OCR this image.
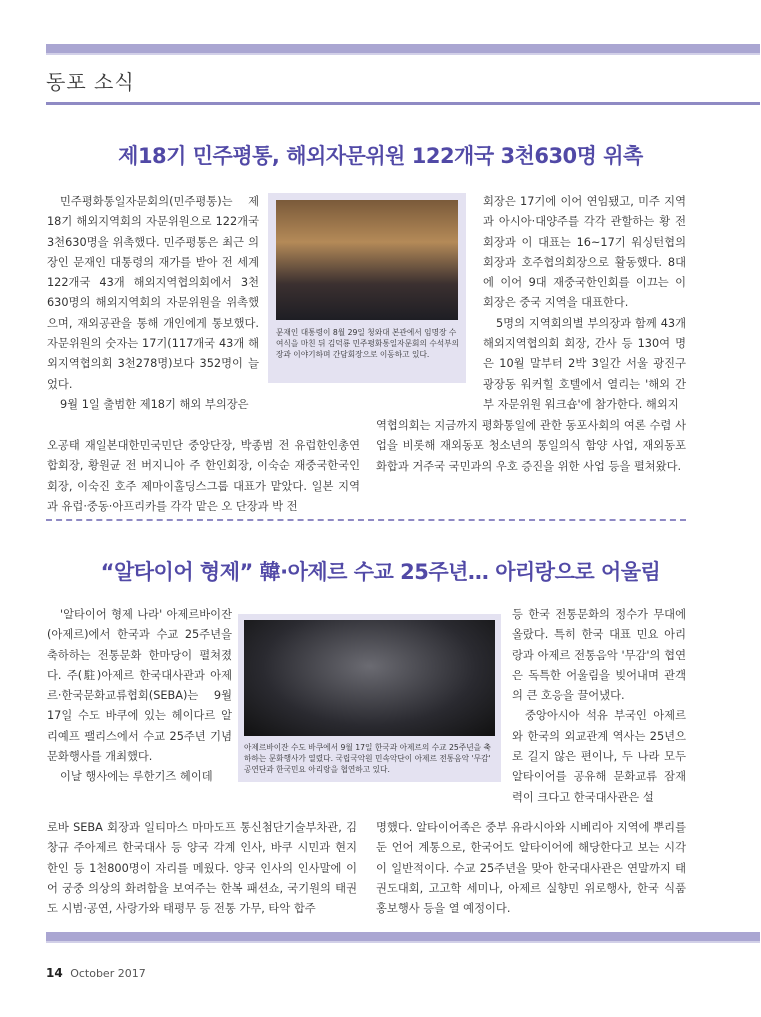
동포 소식
제18기 민주평통, 해외자문위원 122개국 3천630명 위촉

민주평화통일자문회의(민주평통)는 제18기 해외지역회의 자문위원으로 122개국 3천630명을 위촉했다. 민주평통은 최근 의장인 문재인 대통령의 재가를 받아 전 세계 122개국 43개 해외지역협의회에서 3천630명의 해외지역회의 자문위원을 위촉했으며, 재외공관을 통해 개인에게 통보했다. 자문위원의 숫자는 17기(117개국 43개 해외지역협의회 3천278명)보다 352명이 늘었다.

9월 1일 출범한 제18기 해외 부의장은

문재인 대통령이 8월 29일 청와대 본관에서 임명장 수여식을 마친 뒤 김덕룡 민주평화통일자문회의 수석부의장과 이야기하며 간담회장으로 이동하고 있다.

오공태 재일본대한민국민단 중앙단장, 박종범 전 유럽한인총연합회장, 황원균 전 버지니아 주 한인회장, 이숙순 재중국한국인회장, 이숙진 호주 제마이홀딩스그룹 대표가 맡았다. 일본 지역과 유럽·중동·아프리카를 각각 맡은 오 단장과 박 전

회장은 17기에 이어 연임됐고, 미주 지역과 아시아·대양주를 각각 관할하는 황 전 회장과 이 대표는 16~17기 워싱턴협의회장과 호주협의회장으로 활동했다. 8대에 이어 9대 재중국한인회를 이끄는 이 회장은 중국 지역을 대표한다.

5명의 지역회의별 부의장과 함께 43개 해외지역협의회 회장, 간사 등 130여 명은 10월 말부터 2박 3일간 서울 광진구 광장동 워커힐 호텔에서 열리는 '해외 간부 자문위원 워크숍'에 참가한다. 해외지

역협의회는 지금까지 평화통일에 관한 동포사회의 여론 수렴 사업을 비롯해 재외동포 청소년의 통일의식 함양 사업, 재외동포 화합과 거주국 국민과의 우호 증진을 위한 사업 등을 펼쳐왔다.

“알타이어 형제” 韓·아제르 수교 25주년… 아리랑으로 어울림

'알타이어 형제 나라' 아제르바이잔(아제르)에서 한국과 수교 25주년을 축하하는 전통문화 한마당이 펼쳐졌다. 주(駐)아제르 한국대사관과 아제르·한국문화교류협회(SEBA)는 9월 17일 수도 바쿠에 있는 헤이다르 알리예프 팰리스에서 수교 25주년 기념 문화행사를 개최했다.

이날 행사에는 루한기즈 헤이데

아제르바이잔 수도 바쿠에서 9월 17일 한국과 아제르의 수교 25주년을 축하하는 문화행사가 열렸다. 국립국악원 민속악단이 아제르 전통음악 '무감' 공연단과 한국민요 아리랑을 협연하고 있다.

로바 SEBA 회장과 일티마스 마마도프 통신첨단기술부차관, 김창규 주아제르 한국대사 등 양국 각계 인사, 바쿠 시민과 현지 한인 등 1천800명이 자리를 메웠다. 양국 인사의 인사말에 이어 궁중 의상의 화려함을 보여주는 한복 패션쇼, 국기원의 태권도 시범·공연, 사랑가와 태평무 등 전통 가무, 타악 합주

등 한국 전통문화의 정수가 무대에 올랐다. 특히 한국 대표 민요 아리랑과 아제르 전통음악 '무감'의 협연은 독특한 어울림을 빚어내며 관객의 큰 호응을 끌어냈다.

중앙아시아 석유 부국인 아제르와 한국의 외교관계 역사는 25년으로 길지 않은 편이나, 두 나라 모두 알타이어를 공유해 문화교류 잠재력이 크다고 한국대사관은 설

명했다. 알타이어족은 중부 유라시아와 시베리아 지역에 뿌리를 둔 언어 계통으로, 한국어도 알타이어에 해당한다고 보는 시각이 일반적이다. 수교 25주년을 맞아 한국대사관은 연말까지 태권도대회, 고고학 세미나, 아제르 실향민 위로행사, 한국 식품 홍보행사 등을 열 예정이다.

14 October 2017
